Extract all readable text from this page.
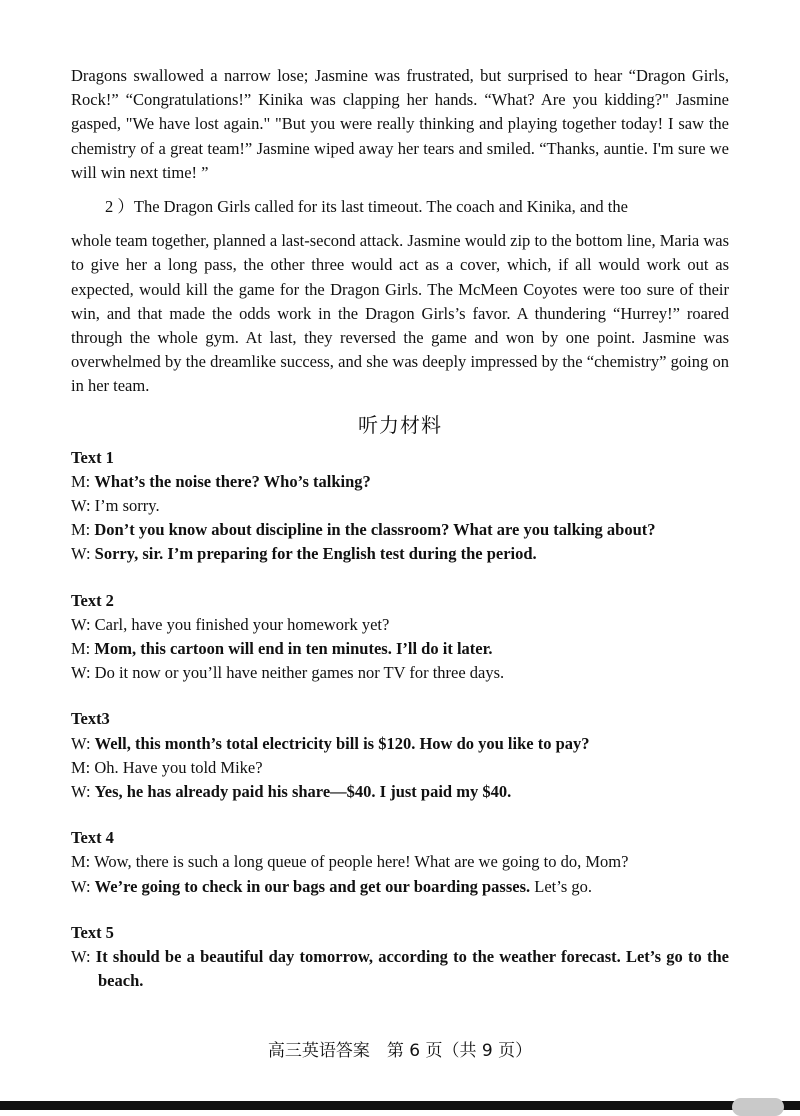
Dragons swallowed a narrow lose; Jasmine was frustrated, but surprised to hear “Dragon Girls, Rock!” “Congratulations!” Kinika was clapping her hands. “What? Are you kidding?" Jasmine gasped, "We have lost again." "But you were really thinking and playing together today! I saw the chemistry of a great team!” Jasmine wiped away her tears and smiled. “Thanks, auntie. I'm sure we will win next time! ”

2 ）The Dragon Girls called for its last timeout. The coach and Kinika, and the

whole team together, planned a last-second attack. Jasmine would zip to the bottom line, Maria was to give her a long pass, the other three would act as a cover, which, if all would work out as expected, would kill the game for the Dragon Girls. The McMeen Coyotes were too sure of their win, and that made the odds work in the Dragon Girls’s favor. A thundering “Hurrey!” roared through the whole gym. At last, they reversed the game and won by one point. Jasmine was overwhelmed by the dreamlike success, and she was deeply impressed by the “chemistry” going on in her team.

听力材料
Text 1
M: What’s the noise there? Who’s talking?
W: I’m sorry.
M: Don’t you know about discipline in the classroom? What are you talking about?
W: Sorry, sir. I’m preparing for the English test during the period.
Text 2
W: Carl, have you finished your homework yet?
M: Mom, this cartoon will end in ten minutes. I’ll do it later.
W: Do it now or you’ll have neither games nor TV for three days.
Text3
W: Well, this month’s total electricity bill is $120. How do you like to pay?
M: Oh. Have you told Mike?
W: Yes, he has already paid his share—$40. I just paid my $40.
Text 4
M: Wow, there is such a long queue of people here! What are we going to do, Mom?
W: We’re going to check in our bags and get our boarding passes. Let’s go.
Text 5
W: It should be a beautiful day tomorrow, according to the weather forecast. Let’s go to the beach.
高三英语答案　第 6 页（共 9 页）
